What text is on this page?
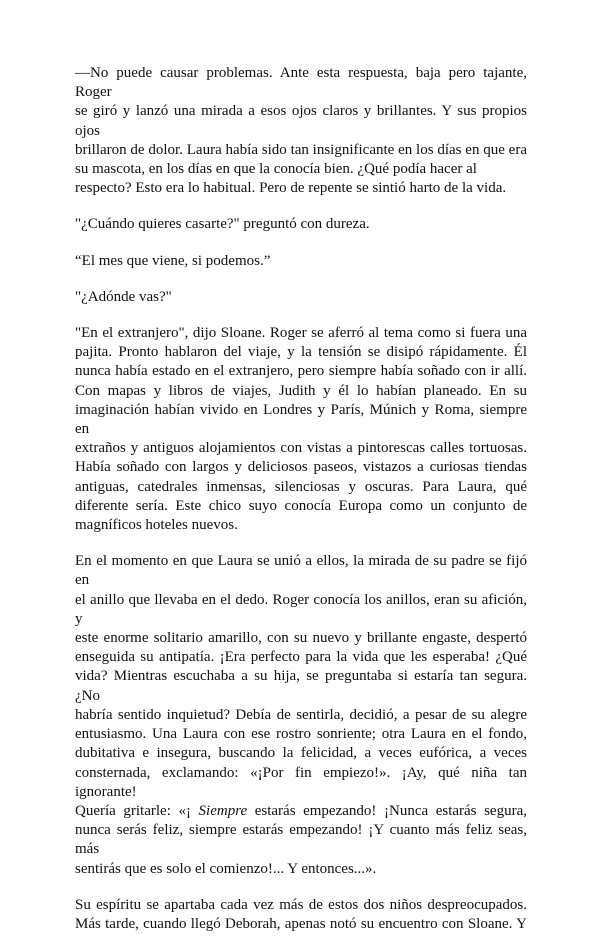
—No puede causar problemas. Ante esta respuesta, baja pero tajante, Roger
se giró y lanzó una mirada a esos ojos claros y brillantes. Y sus propios ojos
brillaron de dolor. Laura había sido tan insignificante en los días en que era
su mascota, en los días en que la conocía bien. ¿Qué podía hacer al
respecto? Esto era lo habitual. Pero de repente se sintió harto de la vida.

"¿Cuándo quieres casarte?" preguntó con dureza.

“El mes que viene, si podemos.”

"¿Adónde vas?"

"En el extranjero", dijo Sloane. Roger se aferró al tema como si fuera una
pajita. Pronto hablaron del viaje, y la tensión se disipó rápidamente. Él
nunca había estado en el extranjero, pero siempre había soñado con ir allí.
Con mapas y libros de viajes, Judith y él lo habían planeado. En su
imaginación habían vivido en Londres y París, Múnich y Roma, siempre en
extraños y antiguos alojamientos con vistas a pintorescas calles tortuosas.
Había soñado con largos y deliciosos paseos, vistazos a curiosas tiendas
antiguas, catedrales inmensas, silenciosas y oscuras. Para Laura, qué
diferente sería. Este chico suyo conocía Europa como un conjunto de
magníficos hoteles nuevos.

En el momento en que Laura se unió a ellos, la mirada de su padre se fijó en
el anillo que llevaba en el dedo. Roger conocía los anillos, eran su afición, y
este enorme solitario amarillo, con su nuevo y brillante engaste, despertó
enseguida su antipatía. ¡Era perfecto para la vida que les esperaba! ¿Qué
vida? Mientras escuchaba a su hija, se preguntaba si estaría tan segura. ¿No
habría sentido inquietud? Debía de sentirla, decidió, a pesar de su alegre
entusiasmo. Una Laura con ese rostro sonriente; otra Laura en el fondo,
dubitativa e insegura, buscando la felicidad, a veces eufórica, a veces
consternada, exclamando: «¡Por fin empiezo!». ¡Ay, qué niña tan ignorante!
Quería gritarle: «¡ Siempre estarás empezando! ¡Nunca estarás segura,
nunca serás feliz, siempre estarás empezando! ¡Y cuanto más feliz seas, más
sentirás que es solo el comienzo!... Y entonces...».

Su espíritu se apartaba cada vez más de estos dos niños despreocupados.
Más tarde, cuando llegó Deborah, apenas notó su encuentro con Sloane. Y
